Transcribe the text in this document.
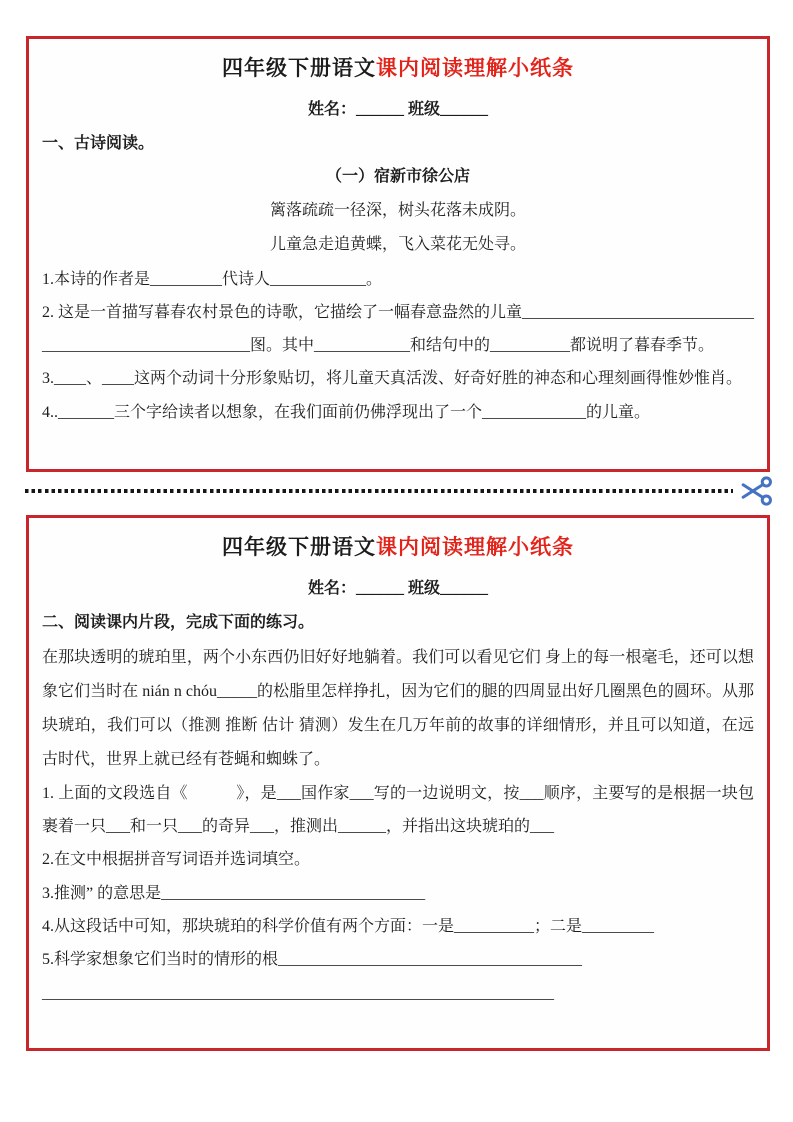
四年级下册语文课内阅读理解小纸条

姓名：______ 班级______

一、古诗阅读。

（一）宿新市徐公店

篱落疏疏一径深，树头花落未成阴。

儿童急走追黄蝶，飞入菜花无处寻。

1.本诗的作者是_________代诗人____________。

2. 这是一首描写暮春农村景色的诗歌，它描绘了一幅春意盎然的儿童_______________________________________________________图。其中____________和结句中的__________都说明了暮春季节。

3.____、____这两个动词十分形象贴切，将儿童天真活泼、好奇好胜的神态和心理刻画得惟妙惟肖。

4.._______三个字给读者以想象，在我们面前仍佛浮现出了一个_____________的儿童。

四年级下册语文课内阅读理解小纸条

姓名：______ 班级______

二、阅读课内片段，完成下面的练习。

在那块透明的琥珀里，两个小东西仍旧好好地躺着。我们可以看见它们 身上的每一根毫毛，还可以想象它们当时在 nián n chóu_____的松脂里怎样挣扎，因为它们的腿的四周显出好几圈黑色的圆环。从那块琥珀，我们可以（推测 推断 估计 猜测）发生在几万年前的故事的详细情形，并且可以知道，在远古时代，世界上就已经有苍蝇和蜘蛛了。

1. 上面的文段选自《　　　》，是___国作家___写的一边说明文，按___顺序，主要写的是根据一块包裹着一只___和一只___的奇异___，推测出______，并指出这块琥珀的___

2.在文中根据拼音写词语并选词填空。

3.推测” 的意思是_________________________________

4.从这段话中可知，那块琥珀的科学价值有两个方面：一是__________；二是_________

5.科学家想象它们当时的情形的根______________________________________

________________________________________________________________
